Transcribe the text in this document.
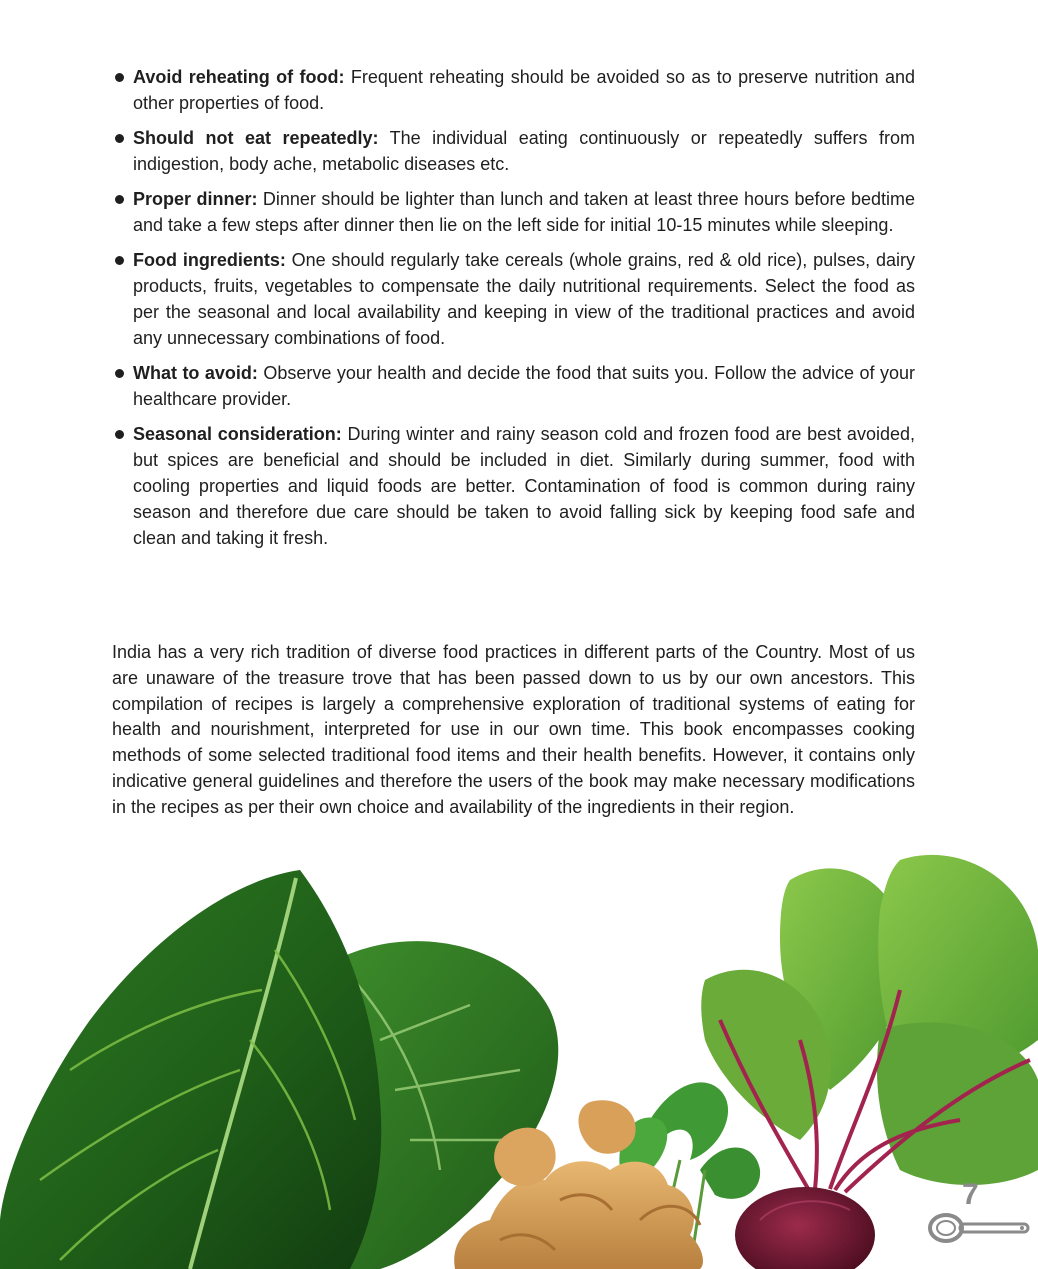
Avoid reheating of food: Frequent reheating should be avoided so as to preserve nutrition and other properties of food.
Should not eat repeatedly: The individual eating continuously or repeatedly suffers from indigestion, body ache, metabolic diseases etc.
Proper dinner: Dinner should be lighter than lunch and taken at least three hours before bedtime and take a few steps after dinner then lie on the left side for initial 10-15 minutes while sleeping.
Food ingredients: One should regularly take cereals (whole grains, red & old rice), pulses, dairy products, fruits, vegetables to compensate the daily nutritional requirements. Select the food as per the seasonal and local availability and keeping in view of the traditional practices and avoid any unnecessary combinations of food.
What to avoid: Observe your health and decide the food that suits you. Follow the advice of your healthcare provider.
Seasonal consideration: During winter and rainy season cold and frozen food are best avoided, but spices are beneficial and should be included in diet. Similarly during summer, food with cooling properties and liquid foods are better. Contamination of food is common during rainy season and therefore due care should be taken to avoid falling sick by keeping food safe and clean and taking it fresh.

India has a very rich tradition of diverse food practices in different parts of the Country. Most of us are unaware of the treasure trove that has been passed down to us by our own ancestors. This compilation of recipes is largely a comprehensive exploration of traditional systems of eating for health and nourishment, interpreted for use in our own time. This book encompasses cooking methods of some selected traditional food items and their health benefits. However, it contains only indicative general guidelines and therefore the users of the book may make necessary modifications in the recipes as per their own choice and availability of the ingredients in their region.

7
